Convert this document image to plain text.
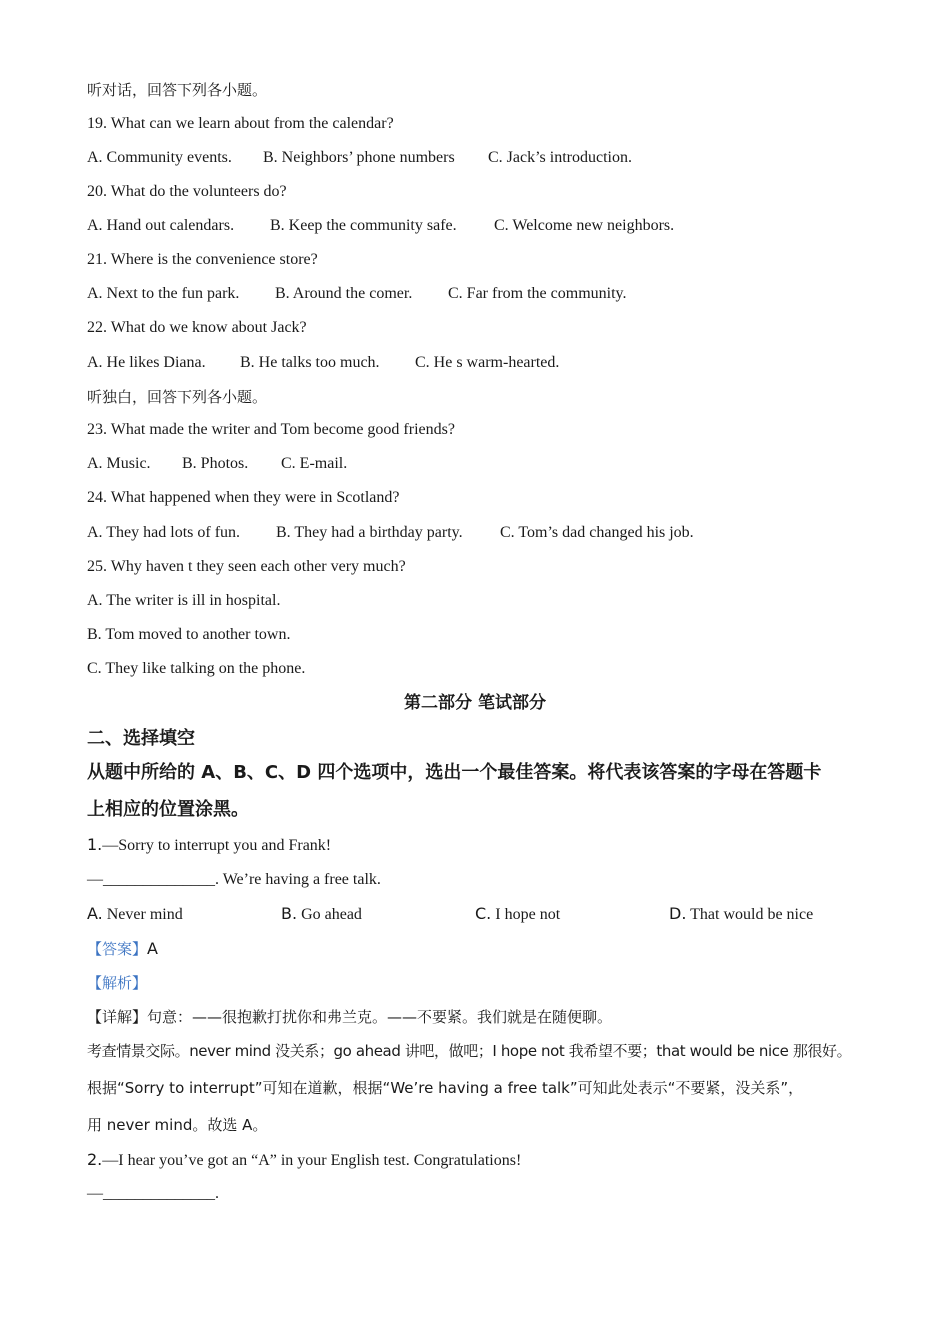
听对话，回答下列各小题。
19. What can we learn about from the calendar?
A. Community events. B. Neighbors’ phone numbers C. Jack’s introduction.
20. What do the volunteers do?
A. Hand out calendars. B. Keep the community safe. C. Welcome new neighbors.
21. Where is the convenience store?
A. Next to the fun park. B. Around the comer. C. Far from the community.
22. What do we know about Jack?
A. He likes Diana. B. He talks too much. C. He s warm-hearted.
听独白，回答下列各小题。
23. What made the writer and Tom become good friends?
A. Music. B. Photos. C. E-mail.
24. What happened when they were in Scotland?
A. They had lots of fun. B. They had a birthday party. C. Tom’s dad changed his job.
25. Why haven t they seen each other very much?
A. The writer is ill in hospital.
B. Tom moved to another town.
C. They like talking on the phone.
第二部分 笔试部分
二、选择填空
从题中所给的 A、B、C、D 四个选项中，选出一个最佳答案。将代表该答案的字母在答题卡
上相应的位置涂黑。
1.—Sorry to interrupt you and Frank!
—______________. We’re having a free talk.
A. Never mind	B. Go ahead	C. I hope not	D. That would be nice
【答案】A
【解析】
【详解】句意：——很抱歉打扰你和弗兰克。——不要紧。我们就是在随便聊。
考查情景交际。never mind 没关系；go ahead 讲吧，做吧；I hope not 我希望不要；that would be nice 那很好。
根据“Sorry to interrupt”可知在道歉，根据“We’re having a free talk”可知此处表示“不要紧，没关系”，
用 never mind。故选 A。
2.—I hear you’ve got an “A” in your English test. Congratulations!
—______________.
